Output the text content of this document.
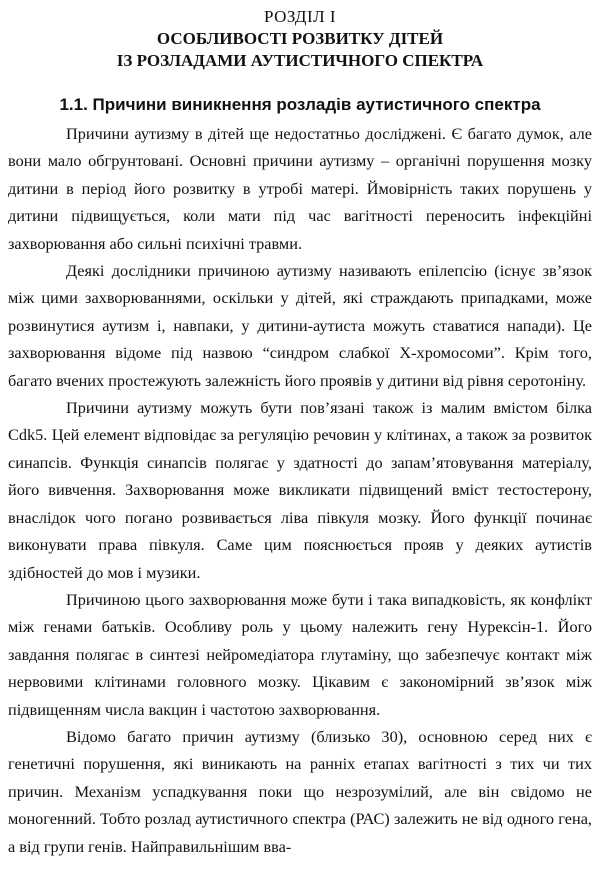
РОЗДІЛ І
ОСОБЛИВОСТІ РОЗВИТКУ ДІТЕЙ
ІЗ РОЗЛАДАМИ АУТИСТИЧНОГО СПЕКТРА
1.1. Причини виникнення розладів аутистичного спектра

Причини аутизму в дітей ще недостатньо досліджені. Є багато думок, але вони мало обгрунтовані. Основні причини аутизму – органічні порушення мозку дитини в період його розвитку в утробі матері. Ймовірність таких порушень у дитини підвищується, коли мати під час вагітності переносить інфекційні захворювання або сильні психічні травми.

Деякі дослідники причиною аутизму називають епілепсію (існує зв’язок між цими захворюваннями, оскільки у дітей, які страждають припадками, може розвинутися аутизм і, навпаки, у дитини-аутиста можуть ставатися напади). Це захворювання відоме під назвою “синдром слабкої Х-хромосоми”. Крім того, багато вчених простежують залежність його проявів у дитини від рівня серотоніну.

Причини аутизму можуть бути пов’язані також із малим вмістом білка Cdk5. Цей елемент відповідає за регуляцію речовин у клітинах, а також за розвиток синапсів. Функція синапсів полягає у здатності до запам’ятовування матеріалу, його вивчення. Захворювання може викликати підвищений вміст тестостерону, внаслідок чого погано розвивається ліва півкуля мозку. Його функції починає виконувати права півкуля. Саме цим пояснюється прояв у деяких аутистів здібностей до мов і музики.

Причиною цього захворювання може бути і така випадковість, як конфлікт між генами батьків. Особливу роль у цьому належить гену Нурексін-1. Його завдання полягає в синтезі нейромедіатора глутаміну, що забезпечує контакт між нервовими клітинами головного мозку. Цікавим є закономірний зв’язок між підвищенням числа вакцин і частотою захворювання.

Відомо багато причин аутизму (близько 30), основною серед них є генетичні порушення, які виникають на ранніх етапах вагітності з тих чи тих причин. Механізм успадкування поки що незрозумілий, але він свідомо не моногенний. Тобто розлад аутистичного спектра (РАС) залежить не від одного гена, а від групи генів. Найправильнішим вва-
